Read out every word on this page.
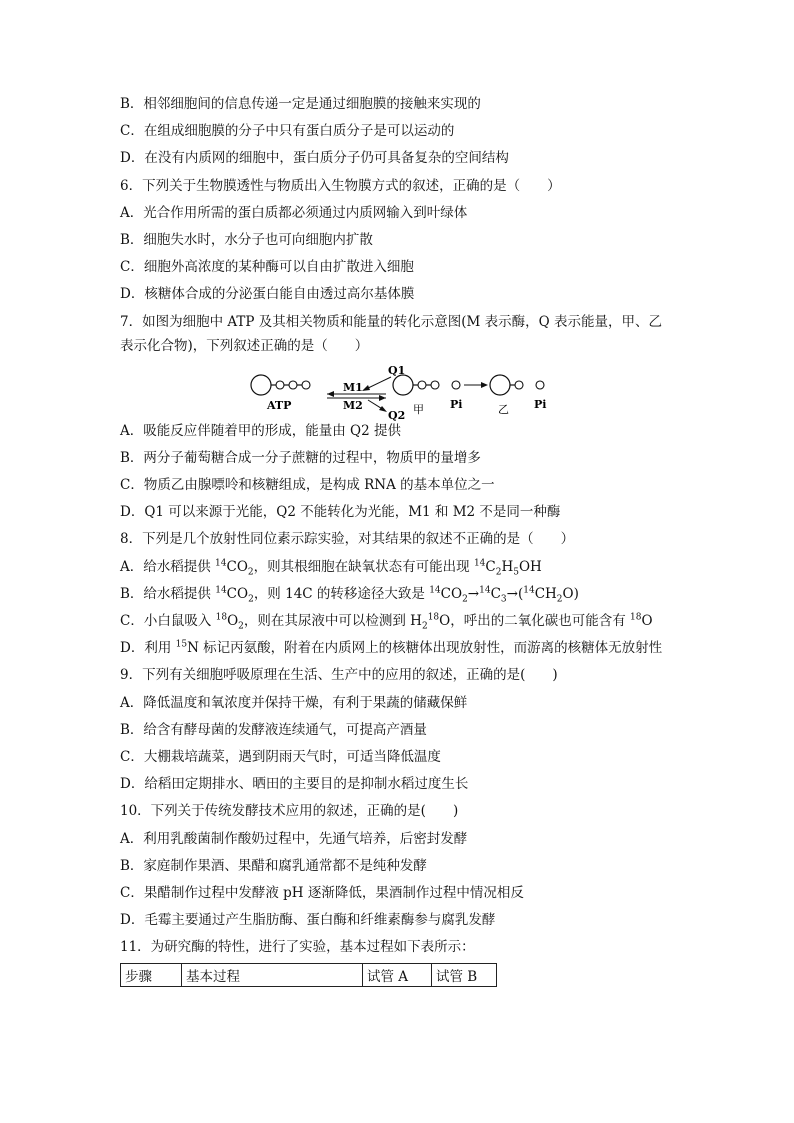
B．相邻细胞间的信息传递一定是通过细胞膜的接触来实现的
C．在组成细胞膜的分子中只有蛋白质分子是可以运动的
D．在没有内质网的细胞中，蛋白质分子仍可具备复杂的空间结构
6．下列关于生物膜透性与物质出入生物膜方式的叙述，正确的是（　　）
A．光合作用所需的蛋白质都必须通过内质网输入到叶绿体
B．细胞失水时，水分子也可向细胞内扩散
C．细胞外高浓度的某种酶可以自由扩散进入细胞
D．核糖体合成的分泌蛋白能自由透过高尔基体膜
7．如图为细胞中 ATP 及其相关物质和能量的转化示意图(M 表示酶，Q 表示能量，甲、乙
表示化合物)，下列叙述正确的是（　　）
ATP
M1
M2
Q1
Q2 甲 Pi	乙 Pi
A．吸能反应伴随着甲的形成，能量由 Q2 提供
B．两分子葡萄糖合成一分子蔗糖的过程中，物质甲的量增多
C．物质乙由腺嘌呤和核糖组成，是构成 RNA 的基本单位之一
D．Q1 可以来源于光能，Q2 不能转化为光能，M1 和 M2 不是同一种酶
8．下列是几个放射性同位素示踪实验，对其结果的叙述不正确的是（　　）
A．给水稻提供 $^{14}CO_2$，则其根细胞在缺氧状态有可能出现 $^{14}C_2H_5OH$
B．给水稻提供 $^{14}CO_2$，则 14C 的转移途径大致是 $^{14}CO_2\to^{14}C_3\to(^{14}CH_2O)$
C．小白鼠吸入 $^{18}O_2$，则在其尿液中可以检测到 $H_2^{18}O$，呼出的二氧化碳也可能含有 $^{18}$O
D．利用 $^{15}$N 标记丙氨酸，附着在内质网上的核糖体出现放射性，而游离的核糖体无放射性
9．下列有关细胞呼吸原理在生活、生产中的应用的叙述，正确的是(　　)
A．降低温度和氧浓度并保持干燥，有利于果蔬的储藏保鲜
B．给含有酵母菌的发酵液连续通气，可提高产酒量
C．大棚栽培蔬菜，遇到阴雨天气时，可适当降低温度
D．给稻田定期排水、晒田的主要目的是抑制水稻过度生长
10．下列关于传统发酵技术应用的叙述，正确的是(　　)
A．利用乳酸菌制作酸奶过程中，先通气培养，后密封发酵
B．家庭制作果酒、果醋和腐乳通常都不是纯种发酵
C．果醋制作过程中发酵液 pH 逐渐降低，果酒制作过程中情况相反
D．毛霉主要通过产生脂肪酶、蛋白酶和纤维素酶参与腐乳发酵
11．为研究酶的特性，进行了实验，基本过程如下表所示：
步骤	基本过程	试管 A	试管 B
